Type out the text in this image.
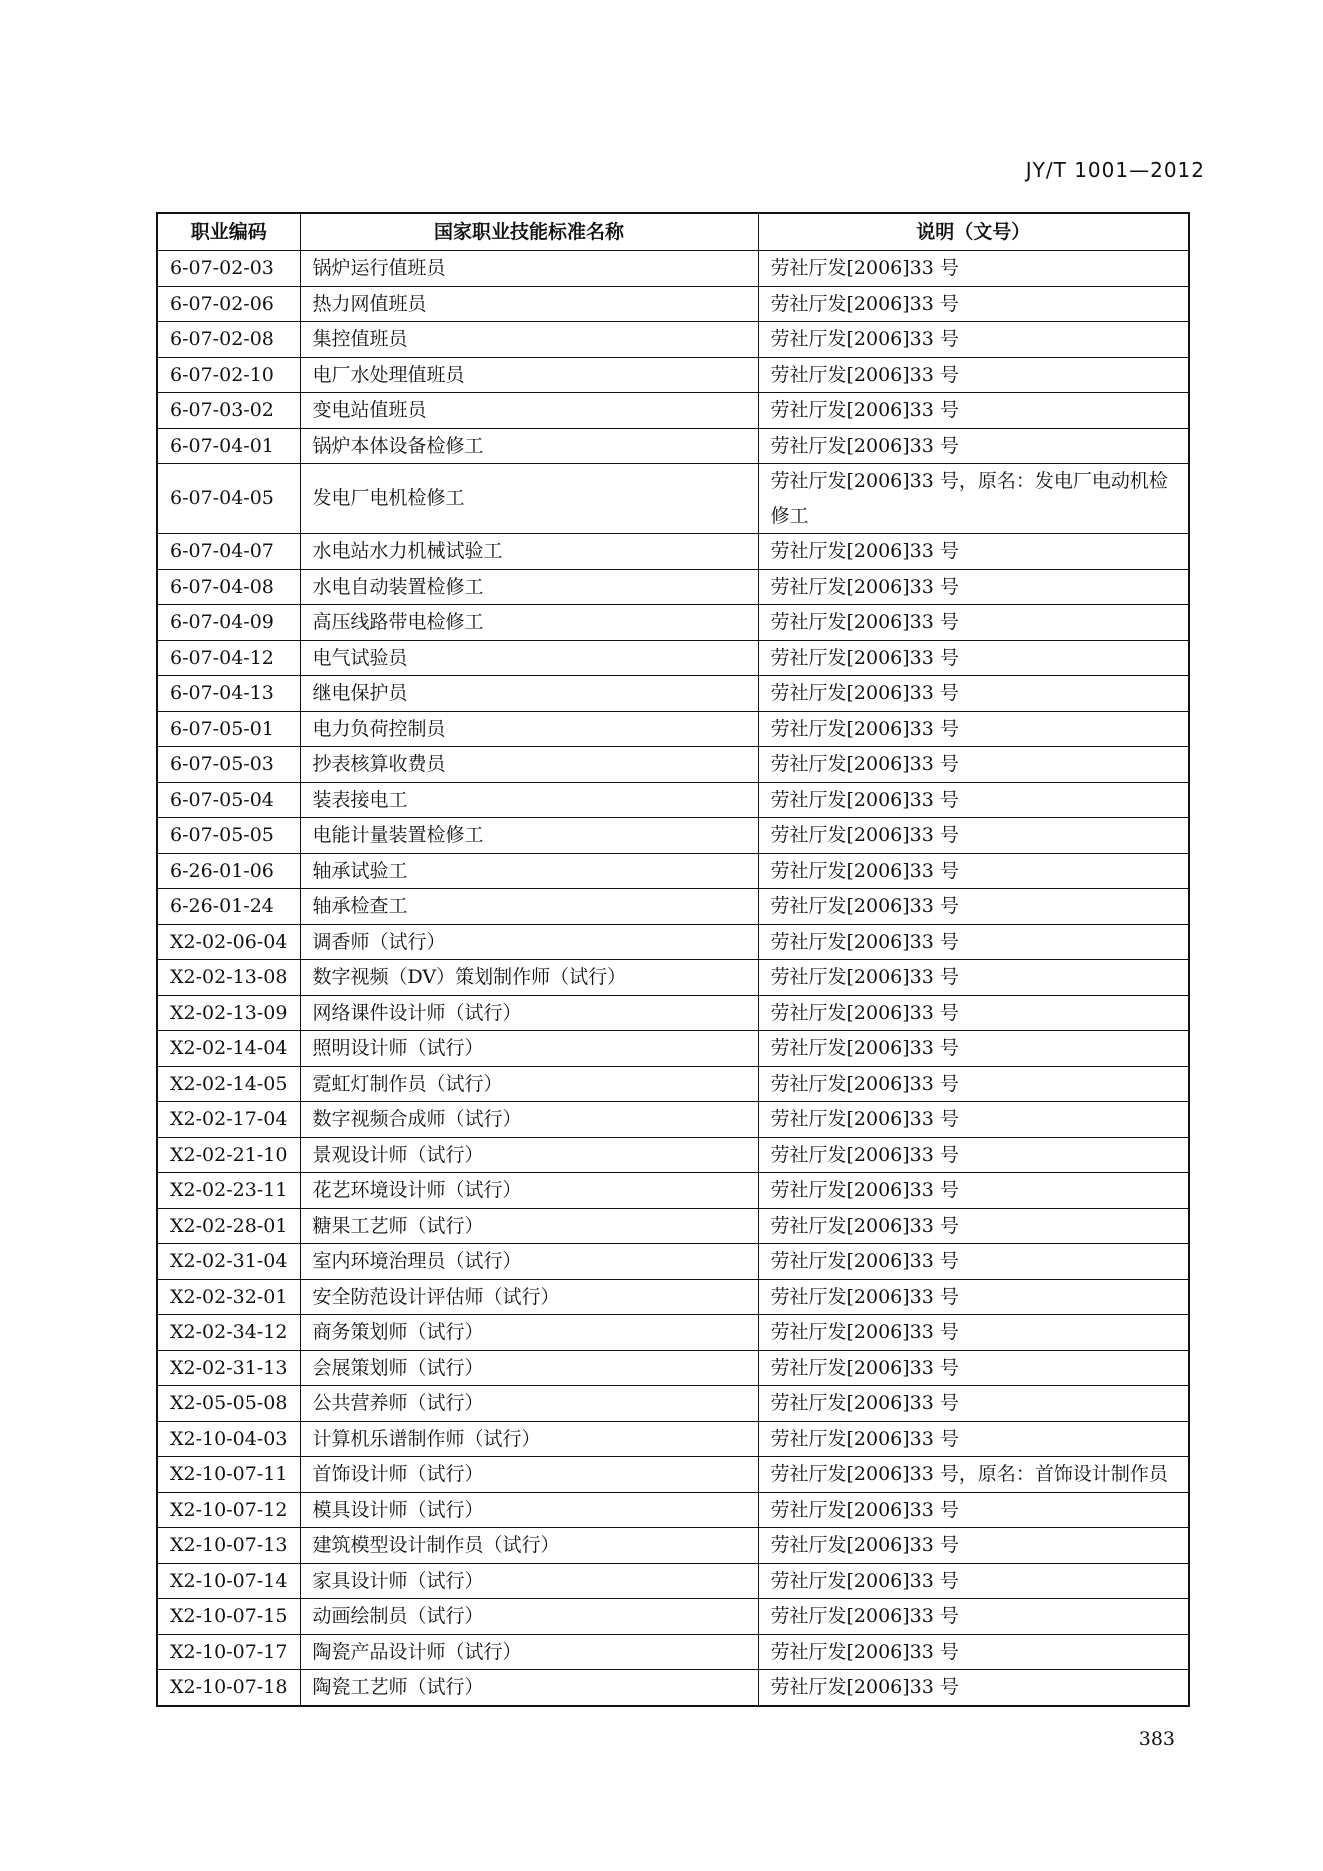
JY/T 1001—2012
职业编码	国家职业技能标准名称	说明（文号）
6-07-02-03	锅炉运行值班员	劳社厅发[2006]33 号
6-07-02-06	热力网值班员	劳社厅发[2006]33 号
6-07-02-08	集控值班员	劳社厅发[2006]33 号
6-07-02-10	电厂水处理值班员	劳社厅发[2006]33 号
6-07-03-02	变电站值班员	劳社厅发[2006]33 号
6-07-04-01	锅炉本体设备检修工	劳社厅发[2006]33 号
6-07-04-05	发电厂电机检修工	劳社厅发[2006]33 号，原名：发电厂电动机检修工
6-07-04-07	水电站水力机械试验工	劳社厅发[2006]33 号
6-07-04-08	水电自动装置检修工	劳社厅发[2006]33 号
6-07-04-09	高压线路带电检修工	劳社厅发[2006]33 号
6-07-04-12	电气试验员	劳社厅发[2006]33 号
6-07-04-13	继电保护员	劳社厅发[2006]33 号
6-07-05-01	电力负荷控制员	劳社厅发[2006]33 号
6-07-05-03	抄表核算收费员	劳社厅发[2006]33 号
6-07-05-04	装表接电工	劳社厅发[2006]33 号
6-07-05-05	电能计量装置检修工	劳社厅发[2006]33 号
6-26-01-06	轴承试验工	劳社厅发[2006]33 号
6-26-01-24	轴承检查工	劳社厅发[2006]33 号
X2-02-06-04	调香师（试行）	劳社厅发[2006]33 号
X2-02-13-08	数字视频（DV）策划制作师（试行）	劳社厅发[2006]33 号
X2-02-13-09	网络课件设计师（试行）	劳社厅发[2006]33 号
X2-02-14-04	照明设计师（试行）	劳社厅发[2006]33 号
X2-02-14-05	霓虹灯制作员（试行）	劳社厅发[2006]33 号
X2-02-17-04	数字视频合成师（试行）	劳社厅发[2006]33 号
X2-02-21-10	景观设计师（试行）	劳社厅发[2006]33 号
X2-02-23-11	花艺环境设计师（试行）	劳社厅发[2006]33 号
X2-02-28-01	糖果工艺师（试行）	劳社厅发[2006]33 号
X2-02-31-04	室内环境治理员（试行）	劳社厅发[2006]33 号
X2-02-32-01	安全防范设计评估师（试行）	劳社厅发[2006]33 号
X2-02-34-12	商务策划师（试行）	劳社厅发[2006]33 号
X2-02-31-13	会展策划师（试行）	劳社厅发[2006]33 号
X2-05-05-08	公共营养师（试行）	劳社厅发[2006]33 号
X2-10-04-03	计算机乐谱制作师（试行）	劳社厅发[2006]33 号
X2-10-07-11	首饰设计师（试行）	劳社厅发[2006]33 号，原名：首饰设计制作员
X2-10-07-12	模具设计师（试行）	劳社厅发[2006]33 号
X2-10-07-13	建筑模型设计制作员（试行）	劳社厅发[2006]33 号
X2-10-07-14	家具设计师（试行）	劳社厅发[2006]33 号
X2-10-07-15	动画绘制员（试行）	劳社厅发[2006]33 号
X2-10-07-17	陶瓷产品设计师（试行）	劳社厅发[2006]33 号
X2-10-07-18	陶瓷工艺师（试行）	劳社厅发[2006]33 号
383
